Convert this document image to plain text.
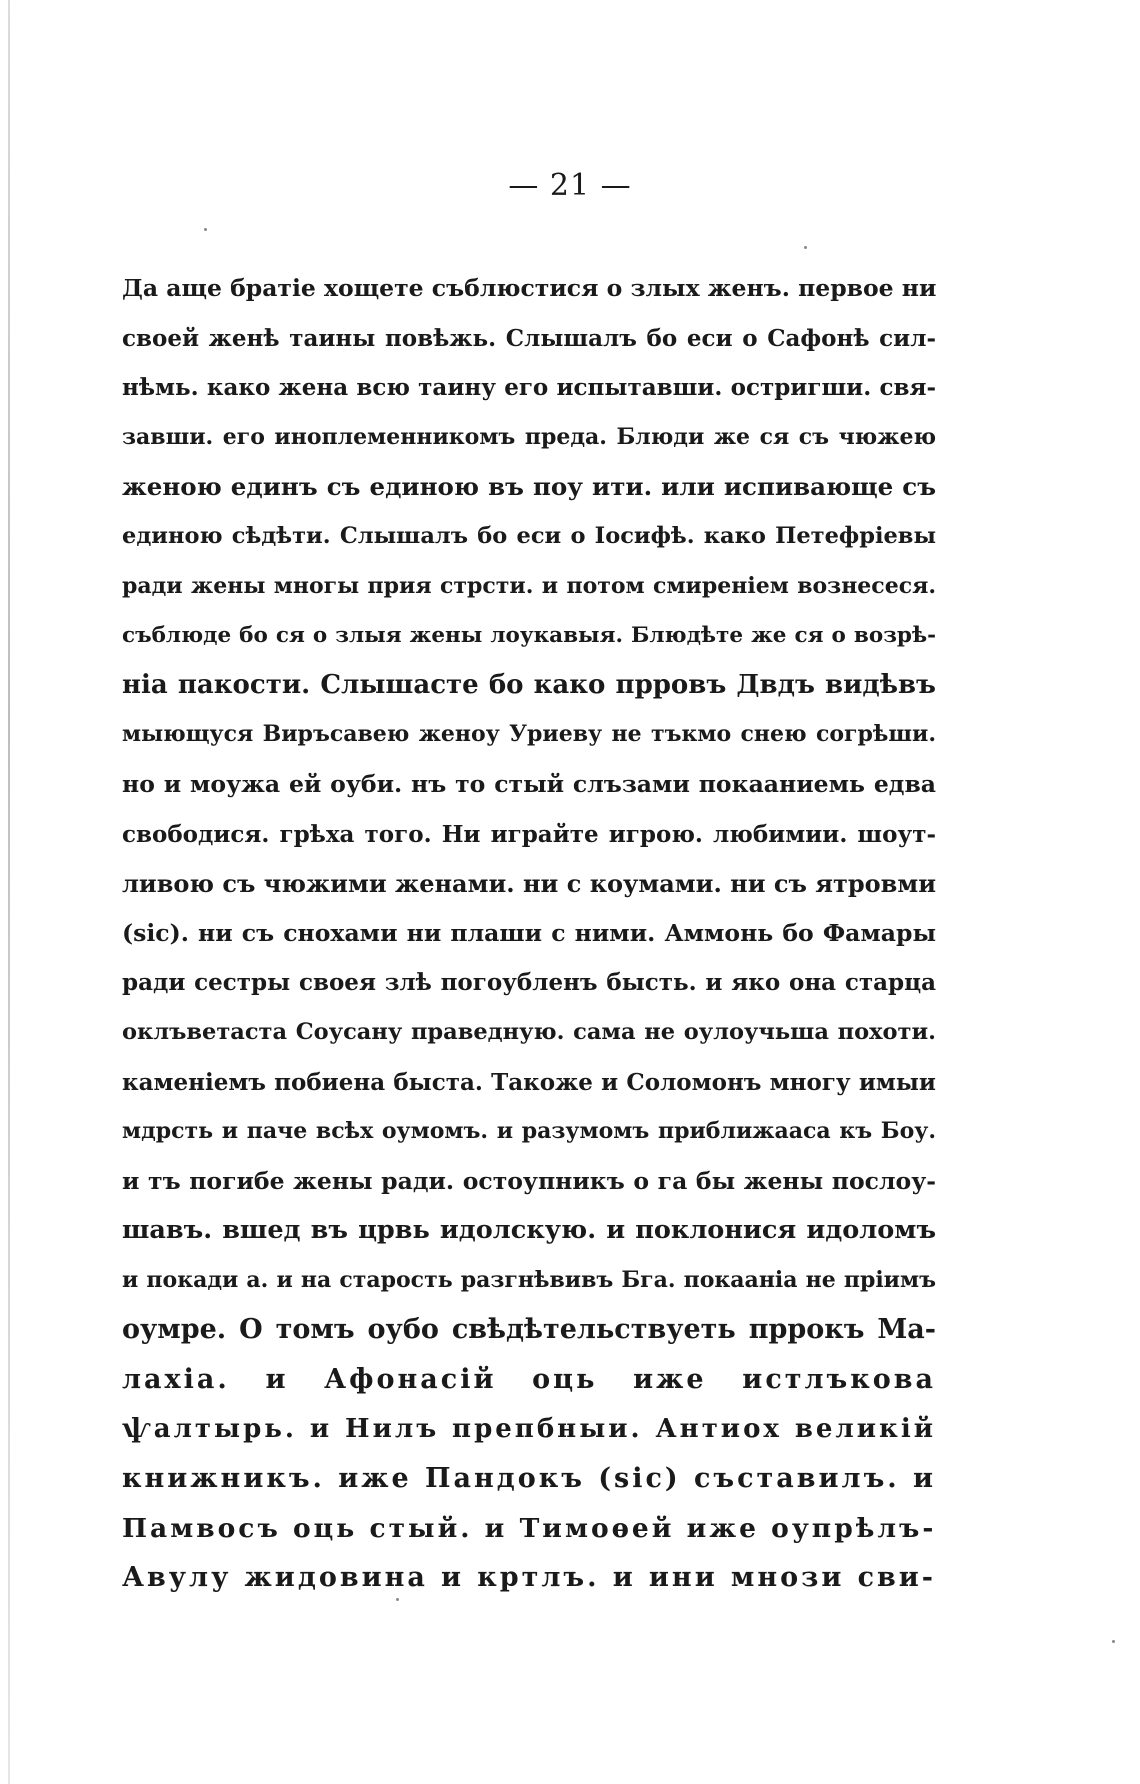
— 21 —
Да аще братіе хощете съблюстися о злых женъ. первое ни
своей женѣ таины повѣжь. Слышалъ бо еси о Сафонѣ сил-
нѣмь. како жена всю таину его испытавши. остригши. свя-
завши. его иноплеменникомъ преда. Блюди же ся съ чюжею
женою единъ съ единою въ поу ити. или испивающе съ
единою сѣдѣти. Слышалъ бо еси о Іосифѣ. како Петефріевы
ради жены многы прия стрсти. и потом смиреніем вознесеся.
съблюде бо ся о злыя жены лоукавыя. Блюдѣте же ся о возрѣ-
ніа пакости. Слышасте бо како прровъ Двдъ видѣвъ
мыющуся Виръсавею женоу Уриеву не тъкмо снею согрѣши.
но и моужа ей оуби. нъ то стый слъзами покааниемь едва
свободися. грѣха того. Ни играйте игрою. любимии. шоут-
ливою съ чюжими женами. ни с коумами. ни съ ятровми
(sic). ни съ снохами ни плаши с ними. Аммонь бо Фамары
ради сестры своея злѣ погоубленъ бысть. и яко она старца
оклъветаста Соусану праведную. сама не оулоучьша похоти.
каменіемъ побиена быста. Такоже и Соломонъ многу имыи
мдрсть и паче всѣх оумомъ. и разумомъ приближааса къ Боу.
и тъ погибе жены ради. остоупникъ о га бы жены послоу-
шавъ. вшед въ црвь идолскую. и поклонися идоломъ
и покади а. и на старость разгнѣвивъ Бга. покааніа не пріимъ
оумре. О томъ оубо свѣдѣтельствуеть пррокъ Ма-
лахіа. и Афонасій оць иже истлъкова
ѱалтырь. и Нилъ препбныи. Антиох великій
книжникъ. иже Пандокъ (sic) съставилъ. и
Памвосъ оць стый. и Тимоѳей иже оупрѣлъ-
Авулу жидовина и кртлъ. и ини мнози сви-
